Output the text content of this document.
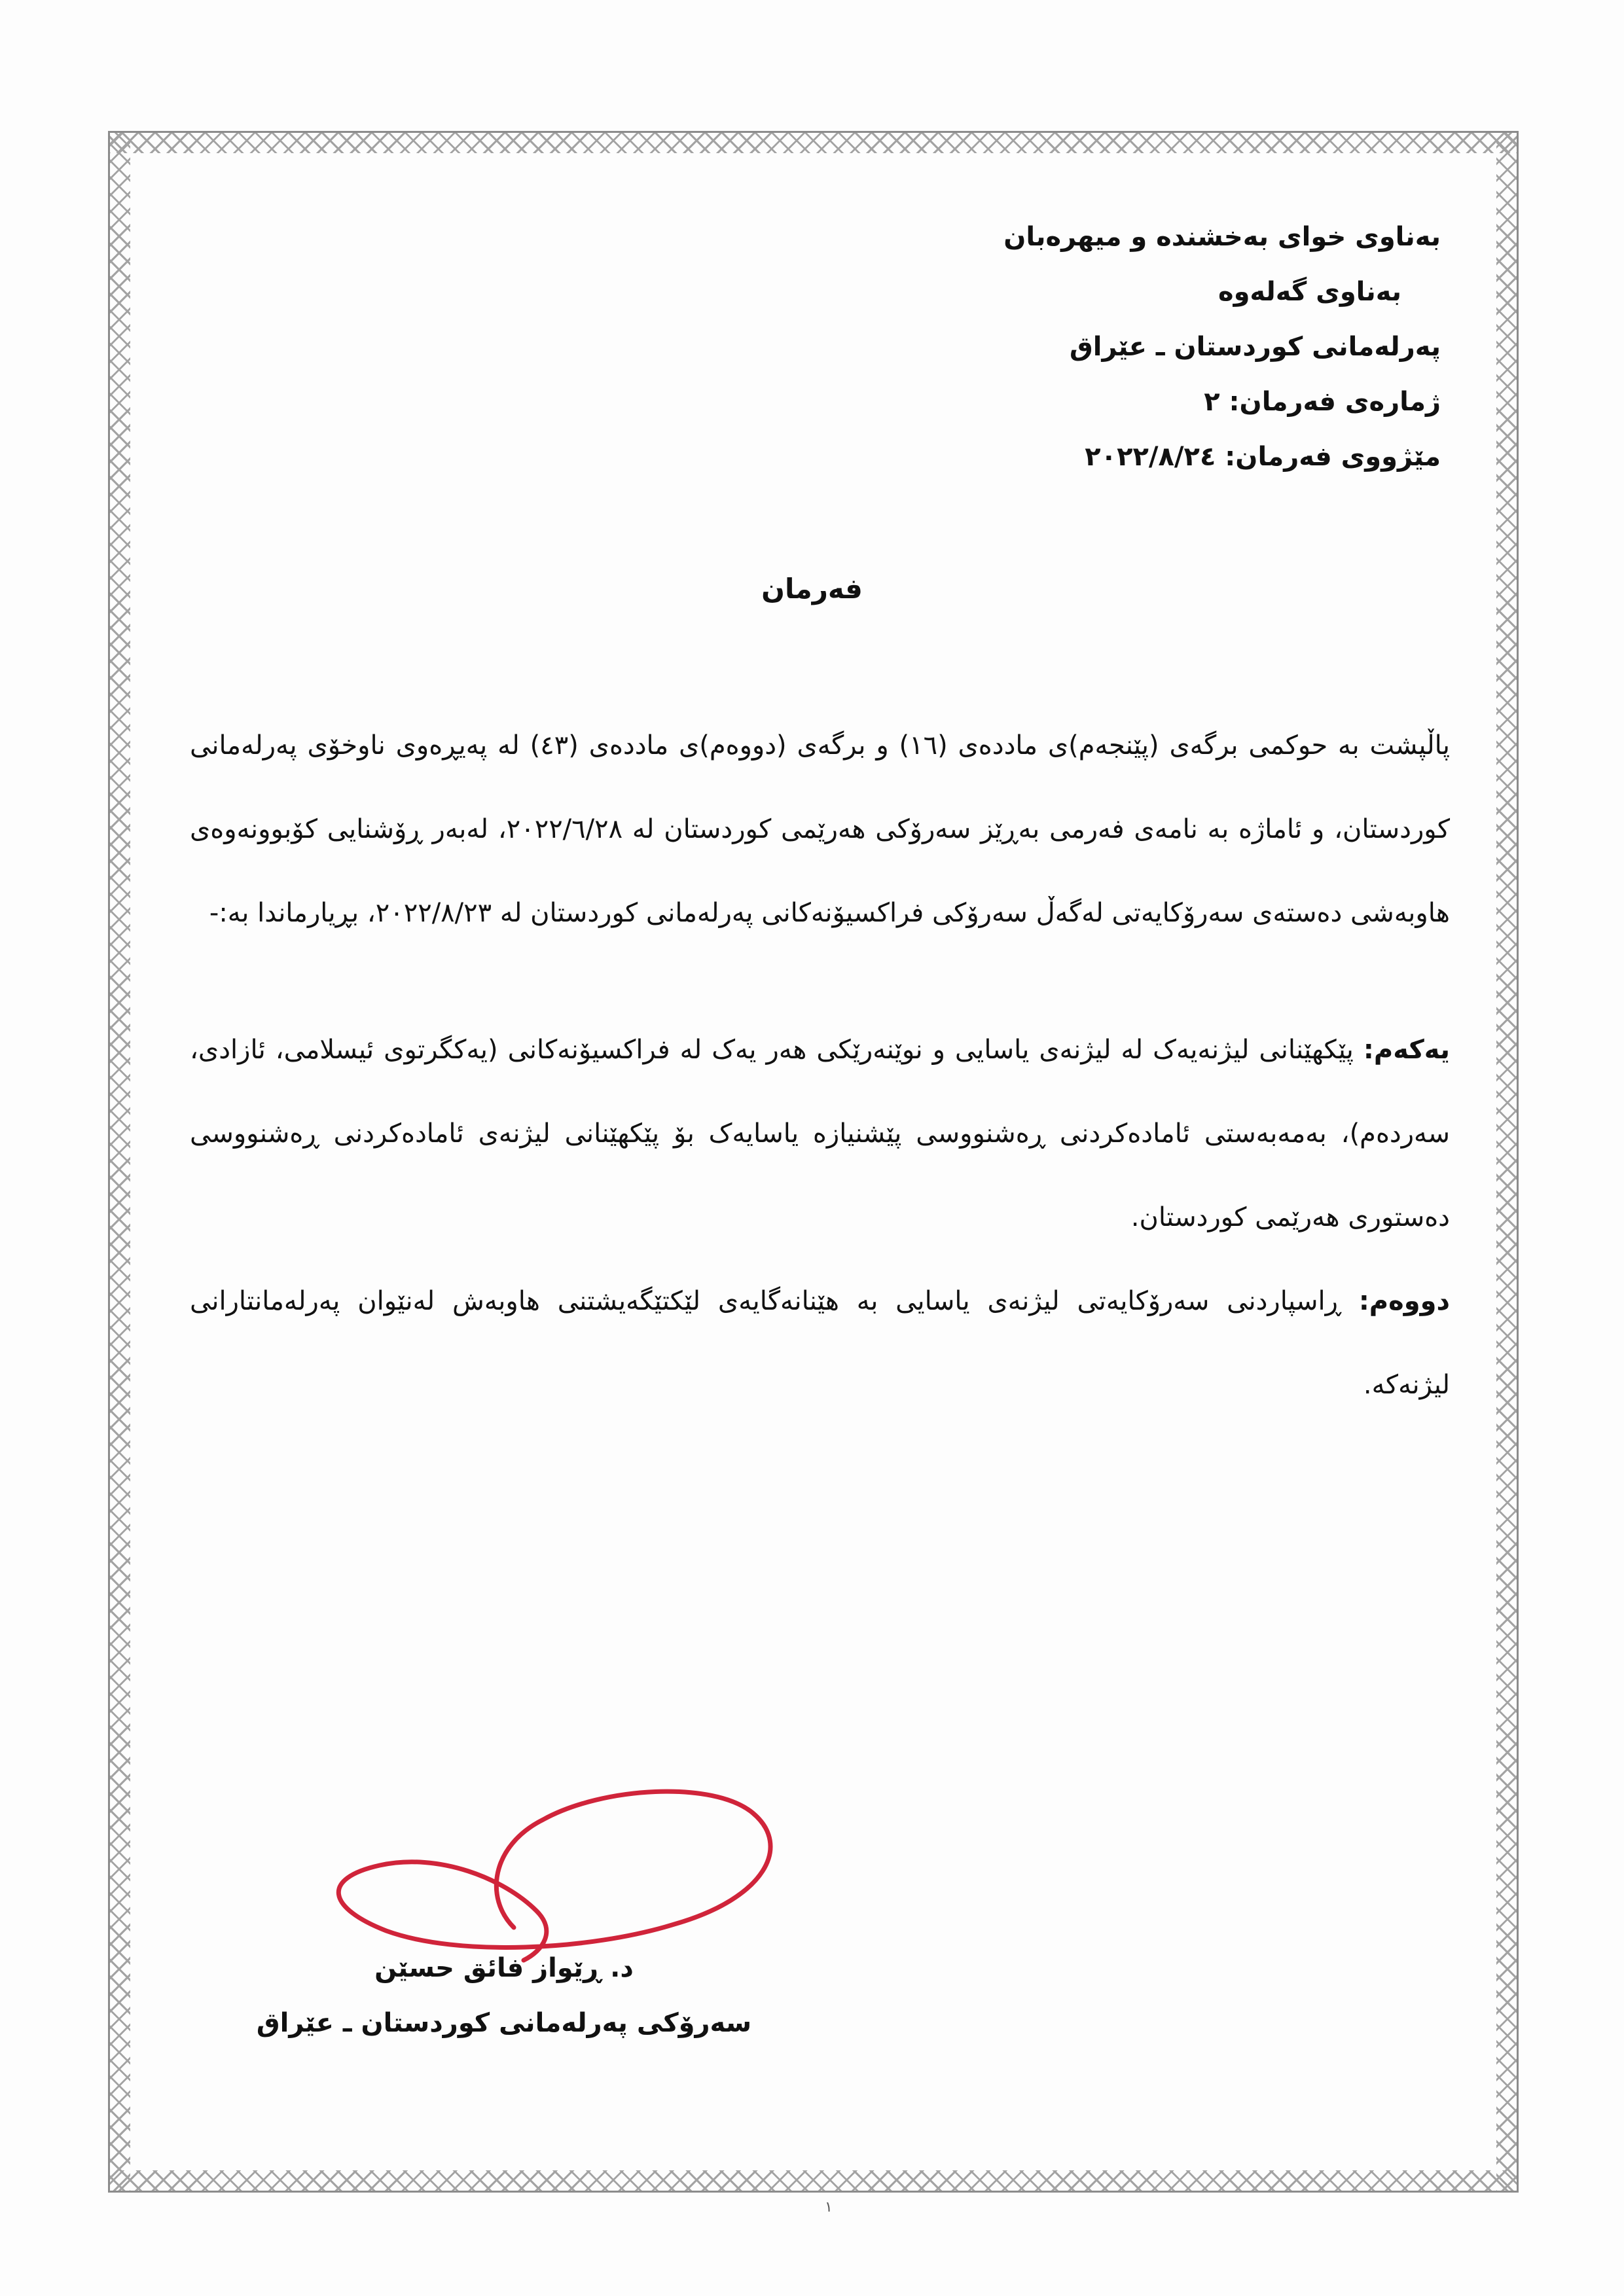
بەناوی خوای بەخشندە و میهرەبان
بەناوی گەلەوە
پەرلەمانی کوردستان ـ عێراق
ژمارەی فەرمان: ٢
مێژووی فەرمان: ٢٠٢٢/٨/٢٤
فەرمان

پاڵپشت بە حوکمی برگەی (پێنجەم)ی ماددەی (١٦) و برگەی (دووەم)ی ماددەی (٤٣) لە پەیڕەوی ناوخۆی پەرلەمانی کوردستان، و ئاماژە بە نامەی فەرمی بەڕێز سەرۆکی هەرێمی کوردستان لە ٢٠٢٢/٦/٢٨، لەبەر ڕۆشنایی کۆبوونەوەی هاوبەشی دەستەی سەرۆکایەتی لەگەڵ سەرۆکی فراکسیۆنەکانی پەرلەمانی کوردستان لە ٢٠٢٢/٨/٢٣، بڕیارماندا بە:-

یەکەم: پێکهێنانی لیژنەیەک لە لیژنەی یاسایی و نوێنەرێکی هەر یەک لە فراکسیۆنەکانی (یەکگرتوی ئیسلامی، ئازادی، سەردەم)، بەمەبەستی ئامادەکردنی ڕەشنووسی پێشنیازە یاسایەک بۆ پێکهێنانی لیژنەی ئامادەکردنی ڕەشنووسی دەستوری هەرێمی کوردستان.

دووەم: ڕاسپاردنی سەرۆکایەتی لیژنەی یاسایی بە هێنانەگایەی لێکتێگەیشتنی هاوبەش لەنێوان پەرلەمانتارانی لیژنەکە.

د. ڕێواز فائق حسێن
سەرۆکی پەرلەمانی کوردستان ـ عێراق
١
